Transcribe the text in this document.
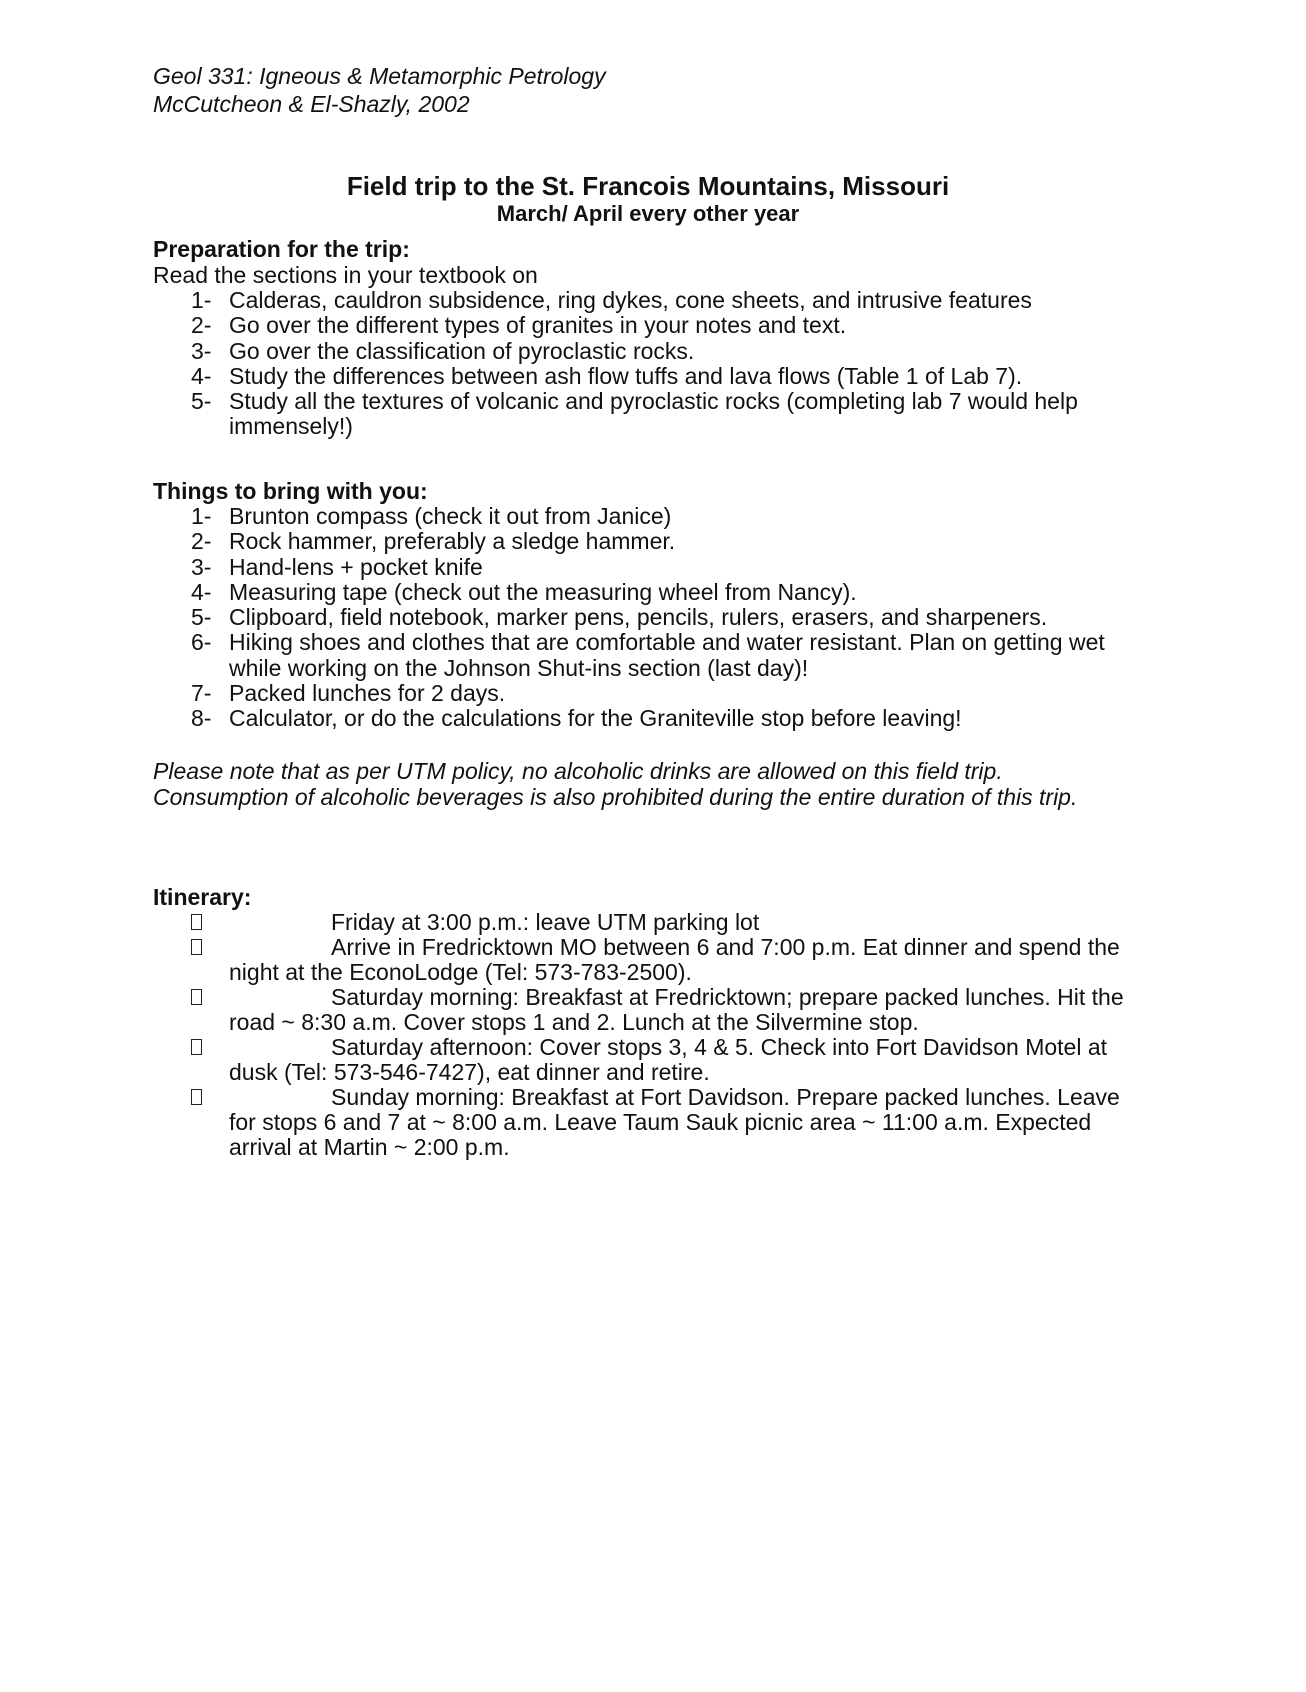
Geol 331: Igneous & Metamorphic Petrology
McCutcheon & El-Shazly, 2002
Field trip to the St. Francois Mountains, Missouri
March/ April every other year
Preparation for the trip:
Read the sections in your textbook on
1- Calderas, cauldron subsidence, ring dykes, cone sheets, and intrusive features
2- Go over the different types of granites in your notes and text.
3- Go over the classification of pyroclastic rocks.
4- Study the differences between ash flow tuffs and lava flows (Table 1 of Lab 7).
5- Study all the textures of volcanic and pyroclastic rocks (completing lab 7 would help immensely!)
Things to bring with you:
1- Brunton compass (check it out from Janice)
2- Rock hammer, preferably a sledge hammer.
3- Hand-lens + pocket knife
4- Measuring tape (check out the measuring wheel from Nancy).
5- Clipboard, field notebook, marker pens, pencils, rulers, erasers, and sharpeners.
6- Hiking shoes and clothes that are comfortable and water resistant. Plan on getting wet while working on the Johnson Shut-ins section (last day)!
7- Packed lunches for 2 days.
8- Calculator, or do the calculations for the Graniteville stop before leaving!
Please note that as per UTM policy, no alcoholic drinks are allowed on this field trip. Consumption of alcoholic beverages is also prohibited during the entire duration of this trip.
Itinerary:
Friday at 3:00 p.m.: leave UTM parking lot
Arrive in Fredricktown MO between 6 and 7:00 p.m. Eat dinner and spend the night at the EconoLodge (Tel: 573-783-2500).
Saturday morning: Breakfast at Fredricktown; prepare packed lunches. Hit the road ~ 8:30 a.m. Cover stops 1 and 2. Lunch at the Silvermine stop.
Saturday afternoon: Cover stops 3, 4 & 5. Check into Fort Davidson Motel at dusk (Tel: 573-546-7427), eat dinner and retire.
Sunday morning: Breakfast at Fort Davidson. Prepare packed lunches. Leave for stops 6 and 7 at ~ 8:00 a.m. Leave Taum Sauk picnic area ~ 11:00 a.m. Expected arrival at Martin ~ 2:00 p.m.
